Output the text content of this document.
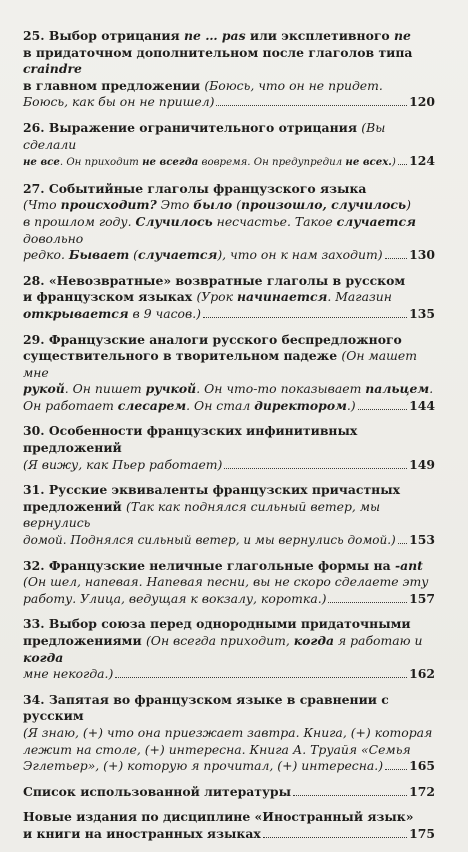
25. Выбор отрицания ne … pas или эксплетивного ne

в придаточном дополнительном после глаголов типа craindre

в главном предложении (Боюсь, что он не придет.

Боюсь, как бы он не пришел)	120

26. Выражение ограничительного отрицания (Вы сделали

не все. Он приходит не всегда вовремя. Он предупредил не всех.) 124

27. Событийные глаголы французского языка

(Что происходит? Это было (произошло, случилось)

в прошлом году. Случилось несчастье. Такое случается довольно

редко. Бывает (случается), что он к нам заходит) 130

28. «Невозвратные» возвратные глаголы в русском

и французском языках (Урок начинается. Магазин

открывается в 9 часов.)	135

29. Французские аналоги русского беспредложного

существительного в творительном падеже (Он машет мне

рукой. Он пишет ручкой. Он что-то показывает пальцем.

Он работает слесарем. Он стал директором.)	144

30. Особенности французских инфинитивных предложений

(Я вижу, как Пьер работает)	149

31. Русские эквиваленты французских причастных

предложений (Так как поднялся сильный ветер, мы вернулись

домой. Поднялся сильный ветер, и мы вернулись домой.) 153

32. Французские неличные глагольные формы на -ant

(Он шел, напевая. Напевая песни, вы не скоро сделаете эту

работу. Улица, ведущая к вокзалу, коротка.)	157

33. Выбор союза перед однородными придаточными

предложениями (Он всегда приходит, когда я работаю и когда

мне некогда.)	162

34. Запятая во французском языке в сравнении с русским

(Я знаю, (+) что она приезжает завтра. Книга, (+) которая

лежит на столе, (+) интересна. Книга А. Труайя «Семья

Эглетьер», (+) которую я прочитал, (+) интересна.) 165

Список использованной литературы	172

Новые издания по дисциплине «Иностранный язык»

и книги на иностранных языках	175
